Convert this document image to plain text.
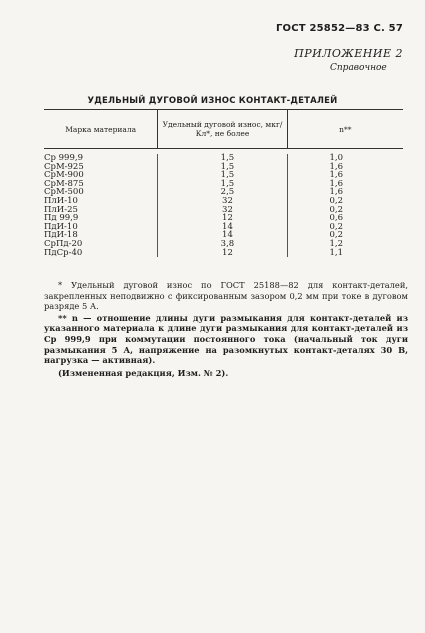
ГОСТ 25852—83 С. 57
ПРИЛОЖЕНИЕ 2
Справочное
УДЕЛЬНЫЙ ДУГОВОЙ ИЗНОС КОНТАКТ-ДЕТАЛЕЙ
Марка материала	Удельный дуговой износ, мкг/Кл*, не более	n**
Ср 999,9
СрМ-925
СрМ-900
СрМ-875
СрМ-500
ПлИ-10
ПлИ-25
Пд 99,9
ПдИ-10
ПдИ-18
СрПд-20
ПдСр-40
1,5
1,5
1,5
1,5
2,5
32
32
12
14
14
3,8
12
1,0
1,6
1,6
1,6
1,6
0,2
0,2
0,6
0,2
0,2
1,2
1,1

* Удельный дуговой износ по ГОСТ 25188—82 для контакт-деталей, закрепленных неподвижно с фиксированным зазором 0,2 мм при токе в дуговом разряде 5 А.

** n — отношение длины дуги размыкания для контакт-деталей из указанного материала к длине дуги размыкания для контакт-деталей из Ср 999,9 при коммутации постоянного тока (начальный ток дуги размыкания 5 А, напряжение на разомкнутых контакт-деталях 30 В, нагрузка — активная).

(Измененная редакция, Изм. № 2).
